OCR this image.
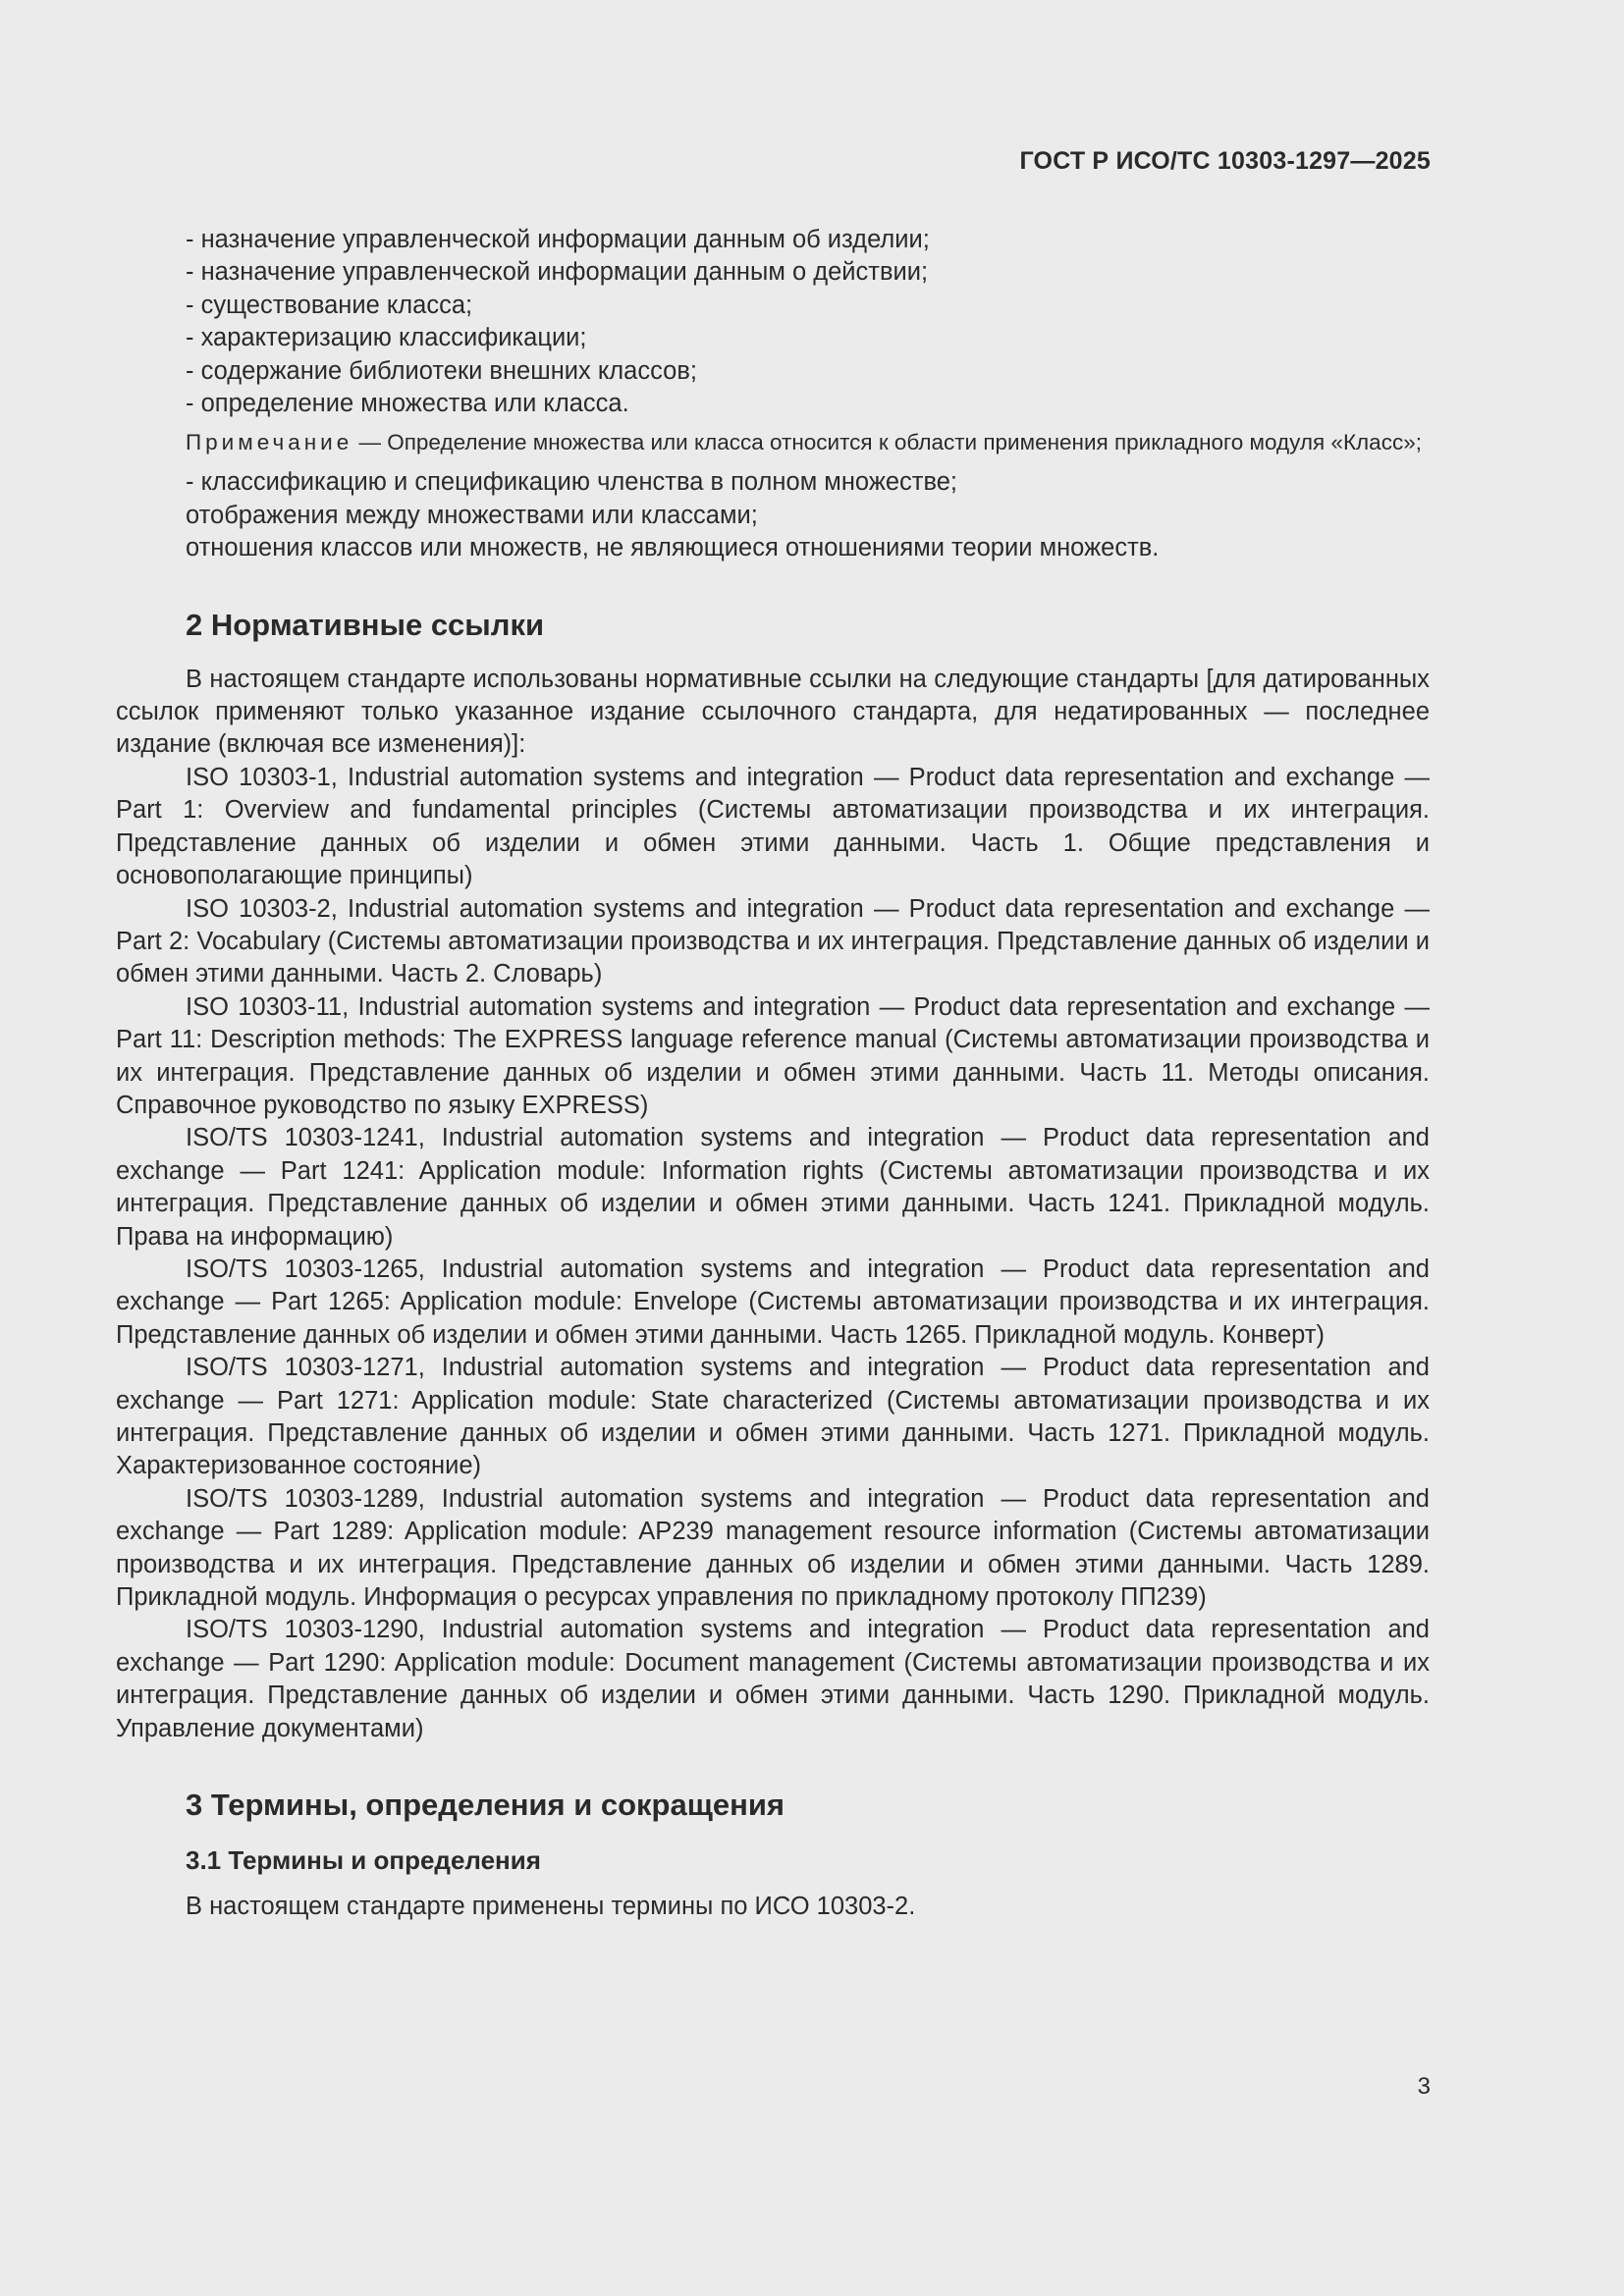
ГОСТ Р ИСО/ТС 10303-1297—2025

- назначение управленческой информации данным об изделии;

- назначение управленческой информации данным о действии;

- существование класса;

- характеризацию классификации;

- содержание библиотеки внешних классов;

- определение множества или класса.

Примечание — Определение множества или класса относится к области применения прикладного модуля «Класс»;

- классификацию и спецификацию членства в полном множестве;

отображения между множествами или классами;

отношения классов или множеств, не являющиеся отношениями теории множеств.

2 Нормативные ссылки

В настоящем стандарте использованы нормативные ссылки на следующие стандарты [для датированных ссылок применяют только указанное издание ссылочного стандарта, для недатированных — последнее издание (включая все изменения)]:

ISO 10303-1, Industrial automation systems and integration — Product data representation and exchange — Part 1: Overview and fundamental principles (Системы автоматизации производства и их интеграция. Представление данных об изделии и обмен этими данными. Часть 1. Общие представления и основополагающие принципы)

ISO 10303-2, Industrial automation systems and integration — Product data representation and exchange — Part 2: Vocabulary (Системы автоматизации производства и их интеграция. Представление данных об изделии и обмен этими данными. Часть 2. Словарь)

ISO 10303-11, Industrial automation systems and integration — Product data representation and exchange — Part 11: Description methods: The EXPRESS language reference manual (Системы автоматизации производства и их интеграция. Представление данных об изделии и обмен этими данными. Часть 11. Методы описания. Справочное руководство по языку EXPRESS)

ISO/TS 10303-1241, Industrial automation systems and integration — Product data representation and exchange — Part 1241: Application module: Information rights (Системы автоматизации производства и их интеграция. Представление данных об изделии и обмен этими данными. Часть 1241. Прикладной модуль. Права на информацию)

ISO/TS 10303-1265, Industrial automation systems and integration — Product data representation and exchange — Part 1265: Application module: Envelope (Системы автоматизации производства и их интеграция. Представление данных об изделии и обмен этими данными. Часть 1265. Прикладной модуль. Конверт)

ISO/TS 10303-1271, Industrial automation systems and integration — Product data representation and exchange — Part 1271: Application module: State characterized (Системы автоматизации производства и их интеграция. Представление данных об изделии и обмен этими данными. Часть 1271. Прикладной модуль. Характеризованное состояние)

ISO/TS 10303-1289, Industrial automation systems and integration — Product data representation and exchange — Part 1289: Application module: AP239 management resource information (Системы автоматизации производства и их интеграция. Представление данных об изделии и обмен этими данными. Часть 1289. Прикладной модуль. Информация о ресурсах управления по прикладному протоколу ПП239)

ISO/TS 10303-1290, Industrial automation systems and integration — Product data representation and exchange — Part 1290: Application module: Document management (Системы автоматизации производства и их интеграция. Представление данных об изделии и обмен этими данными. Часть 1290. Прикладной модуль. Управление документами)

3 Термины, определения и сокращения
3.1 Термины и определения

В настоящем стандарте применены термины по ИСО 10303-2.

3
